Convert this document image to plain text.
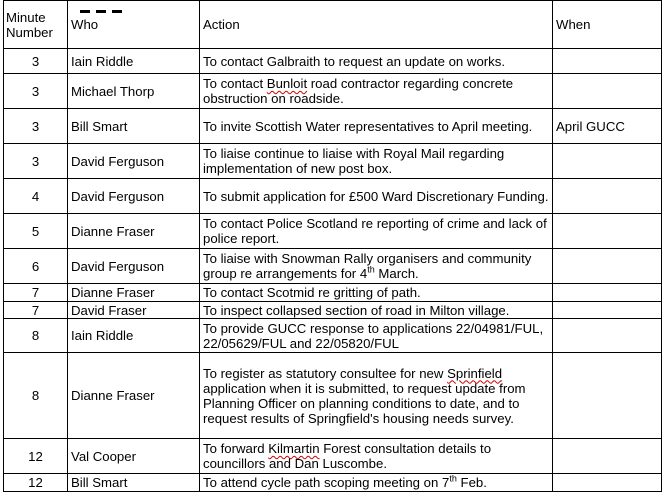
Minute Number	Who	Action	When
3	Iain Riddle	To contact Galbraith to request an update on works.	
3	Michael Thorp	To contact Bunloit road contractor regarding concrete obstruction on roadside.	
3	Bill Smart	To invite Scottish Water representatives to April meeting.	April GUCC
3	David Ferguson	To liaise continue to liaise with Royal Mail regarding implementation of new post box.	
4	David Ferguson	To submit application for £500 Ward Discretionary Funding.	
5	Dianne Fraser	To contact Police Scotland re reporting of crime and lack of police report.	
6	David Ferguson	To liaise with Snowman Rally organisers and community group re arrangements for 4th March.	
7	Dianne Fraser	To contact Scotmid re gritting of path.	
7	David Fraser	To inspect collapsed section of road in Milton village.	
8	Iain Riddle	To provide GUCC response to applications 22/04981/FUL, 22/05629/FUL and 22/05820/FUL	
8	Dianne Fraser	To register as statutory consultee for new Sprinfield application when it is submitted, to request update from Planning Officer on planning conditions to date, and to request results of Springfield's housing needs survey.	
12	Val Cooper	To forward Kilmartin Forest consultation details to councillors and Dan Luscombe.	
12	Bill Smart	To attend cycle path scoping meeting on 7th Feb.	
